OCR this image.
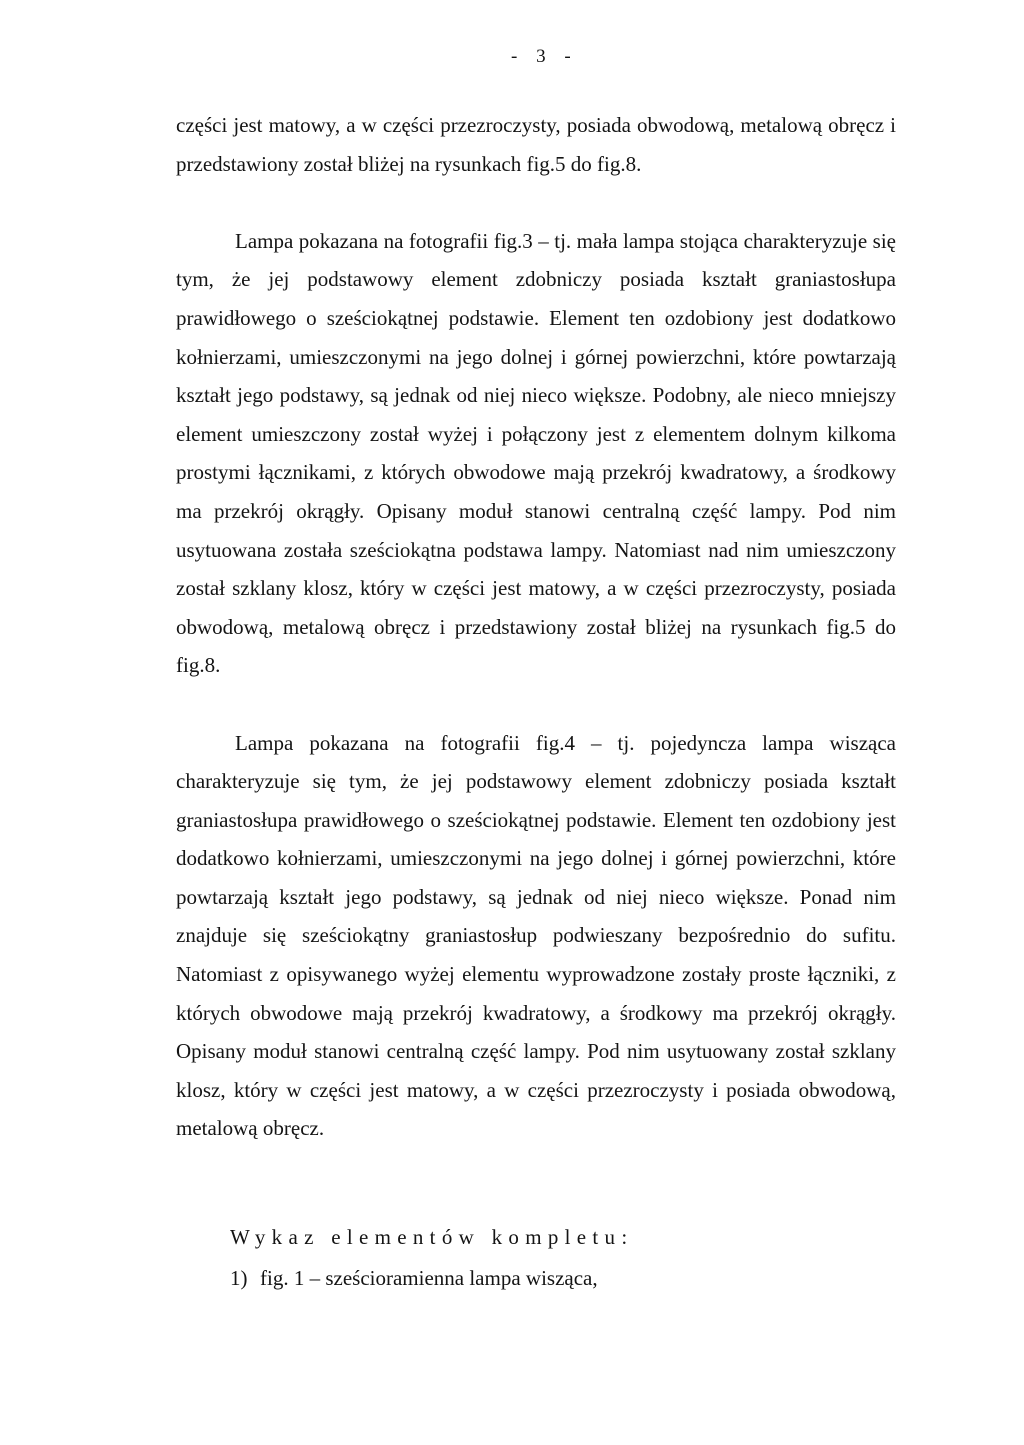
- 3 -

części jest matowy, a w części przezroczysty, posiada obwodową, metalową obręcz i przedstawiony został bliżej na rysunkach fig.5 do fig.8.

Lampa pokazana na fotografii fig.3 – tj. mała lampa stojąca charakteryzuje się tym, że jej podstawowy element zdobniczy posiada kształt graniastosłupa prawidłowego o sześciokątnej podstawie. Element ten ozdobiony jest dodatkowo kołnierzami, umieszczonymi na jego dolnej i górnej powierzchni, które powtarzają kształt jego podstawy, są jednak od niej nieco większe. Podobny, ale nieco mniejszy element umieszczony został wyżej i połączony jest z elementem dolnym kilkoma prostymi łącznikami, z których obwodowe mają przekrój kwadratowy, a środkowy ma przekrój okrągły. Opisany moduł stanowi centralną część lampy. Pod nim usytuowana została sześciokątna podstawa lampy. Natomiast nad nim umieszczony został szklany klosz, który w części jest matowy, a w części przezroczysty, posiada obwodową, metalową obręcz i przedstawiony został bliżej na rysunkach fig.5 do fig.8.

Lampa pokazana na fotografii fig.4 – tj. pojedyncza lampa wisząca charakteryzuje się tym, że jej podstawowy element zdobniczy posiada kształt graniastosłupa prawidłowego o sześciokątnej podstawie. Element ten ozdobiony jest dodatkowo kołnierzami, umieszczonymi na jego dolnej i górnej powierzchni, które powtarzają kształt jego podstawy, są jednak od niej nieco większe. Ponad nim znajduje się sześciokątny graniastosłup podwieszany bezpośrednio do sufitu. Natomiast z opisywanego wyżej elementu wyprowadzone zostały proste łączniki, z których obwodowe mają przekrój kwadratowy, a środkowy ma przekrój okrągły. Opisany moduł stanowi centralną część lampy. Pod nim usytuowany został szklany klosz, który w części jest matowy, a w części przezroczysty i posiada obwodową, metalową obręcz.

Wykaz elementów kompletu:

1) fig. 1 – sześcioramienna lampa wisząca,
